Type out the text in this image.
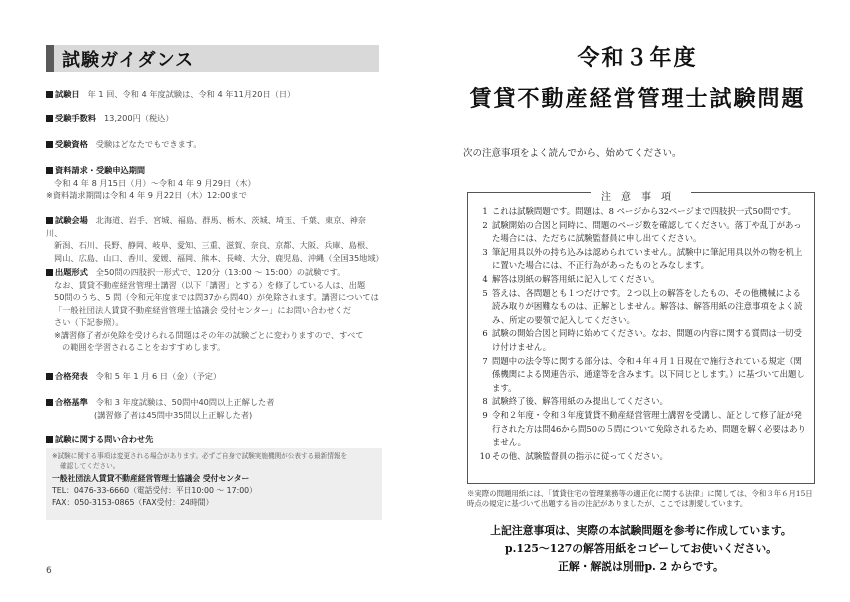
試験ガイダンス
試験日 年 1 回、令和 4 年度試験は、令和 4 年11月20日（日）
受験手数料 13,200円（税込）
受験資格 受験はどなたでもできます。
資料請求・受験申込期間
令和 4 年 8 月15日（月）～令和 4 年 9 月29日（木）
※資料請求期間は令和 4 年 9 月22日（木）12:00まで
試験会場 北海道、岩手、宮城、福島、群馬、栃木、茨城、埼玉、千葉、東京、神奈川、
新潟、石川、長野、静岡、岐阜、愛知、三重、滋賀、奈良、京都、大阪、兵庫、島根、
岡山、広島、山口、香川、愛媛、福岡、熊本、長崎、大分、鹿児島、沖縄（全国35地域）
出題形式 全50問の四肢択一形式で、120分（13:00 ～ 15:00）の試験です。
なお、賃貸不動産経営管理士講習（以下「講習」とする）を修了している人は、出題
50問のうち、5 問（令和元年度までは問37から問40）が免除されます。講習については
「一般社団法人賃貸不動産経営管理士協議会 受付センター」にお問い合わせくだ
さい（下記参照）。
※講習修了者が免除を受けられる問題はその年の試験ごとに変わりますので、すべて
の範囲を学習されることをおすすめします。
合格発表 令和 5 年 1 月 6 日（金）（予定）
合格基準 令和 3 年度試験は、50問中40問以上正解した者
(講習修了者は45問中35問以上正解した者)
試験に関する問い合わせ先
※試験に関する事項は変更される場合があります。必ずご自身で試験実施機関が公表する最新情報を
確認してください。
一般社団法人賃貸不動産経営管理士協議会 受付センター
TEL：0476-33-6660（電話受付：平日10:00 ～ 17:00）
FAX：050-3153-0865（FAX受付：24時間）
6
令和３年度
賃貸不動産経営管理士試験問題
次の注意事項をよく読んでから、始めてください。
注意事項
1 これは試験問題です。問題は、8 ページから32ページまで四肢択一式50問です。
2 試験開始の合図と同時に、問題のページ数を確認してください。落丁や乱丁があった場合には、ただちに試験監督員に申し出てください。
3 筆記用具以外の持ち込みは認められていません。試験中に筆記用具以外の物を机上に置いた場合には、不正行為があったものとみなします。
4 解答は別紙の解答用紙に記入してください。
5 答えは、各問題とも１つだけです。２つ以上の解答をしたもの、その他機械による読み取りが困難なものは、正解としません。解答は、解答用紙の注意事項をよく読み、所定の要領で記入してください。
6 試験の開始合図と同時に始めてください。なお、問題の内容に関する質問は一切受け付けません。
7 問題中の法令等に関する部分は、令和４年４月１日現在で施行されている規定（関係機関による関連告示、通達等を含みます。以下同じとします。）に基づいて出題します。
8 試験終了後、解答用紙のみ提出してください。
9 令和２年度・令和３年度賃貸不動産経営管理士講習を受講し、証として修了証が発行された方は問46から問50の５問について免除されるため、問題を解く必要はありません。
10 その他、試験監督員の指示に従ってください。
※実際の問題用紙には、「賃貸住宅の管理業務等の適正化に関する法律」に関しては、令和３年６月15日時点の規定に基づいて出題する旨の注記がありましたが、ここでは割愛しています。
上記注意事項は、実際の本試験問題を参考に作成しています。
p.125～127の解答用紙をコピーしてお使いください。
正解・解説は別冊p. 2 からです。
